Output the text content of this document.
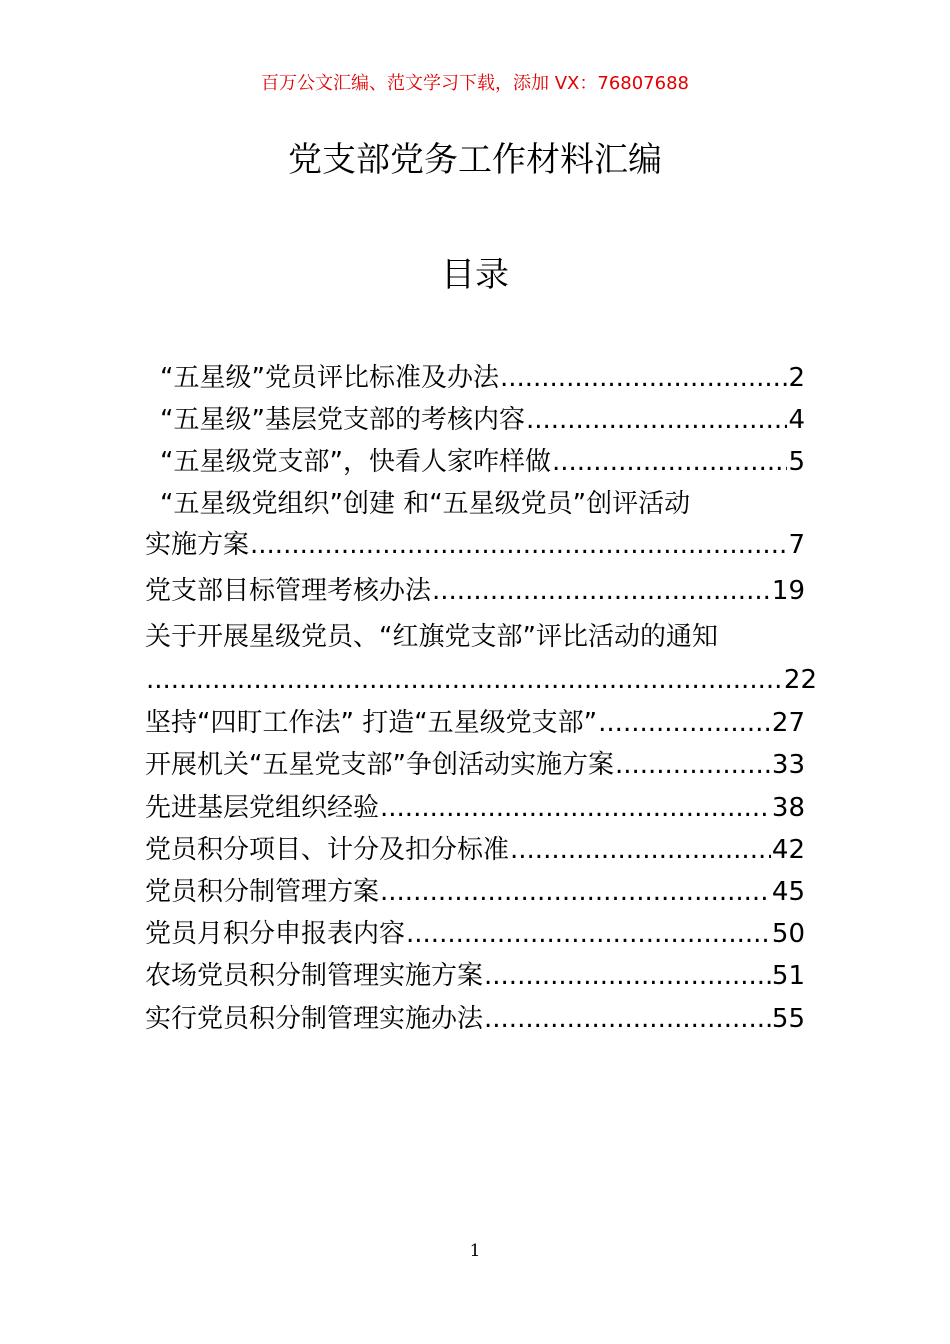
百万公文汇编、范文学习下载，添加 VX：76807688
党支部党务工作材料汇编
目录
“五星级”党员评比标准及办法 .....	2
“五星级”基层党支部的考核内容 .....	4
“五星级党支部”，快看人家咋样做 .....	5
“五星级党组织”创建 和“五星级党员”创评活动
实施方案 .....	7
党支部目标管理考核办法 .....	19
关于开展星级党员、“红旗党支部”评比活动的通知
.....
22
坚持“四盯工作法” 打造“五星级党支部” .....	27
开展机关“五星党支部”争创活动实施方案 .....	33
先进基层党组织经验 .....	38
党员积分项目、计分及扣分标准 .....	42
党员积分制管理方案 .....	45
党员月积分申报表内容 .....	50
农场党员积分制管理实施方案 .....	51
实行党员积分制管理实施办法 .....	55
1
